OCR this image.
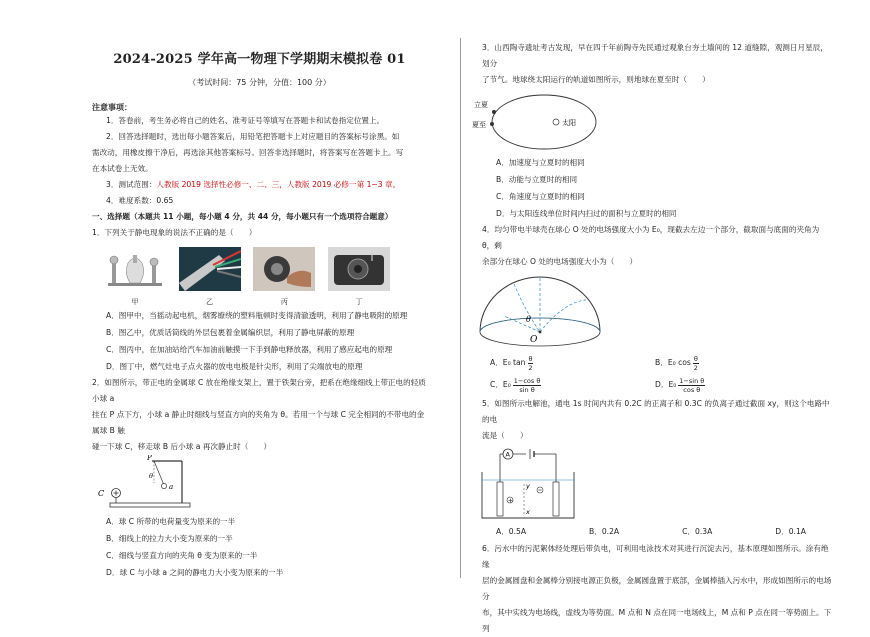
2024-2025 学年高一物理下学期期末模拟卷 01
（考试时间：75 分钟，分值：100 分）
注意事项：

1．答卷前，考生务必将自己的姓名、准考证号等填写在答题卡和试卷指定位置上。

2．回答选择题时，选出每小题答案后，用铅笔把答题卡上对应题目的答案标号涂黑。如

需改动，用橡皮擦干净后，再选涂其他答案标号。回答非选择题时，将答案写在答题卡上。写

在本试卷上无效。

3．测试范围：人教版 2019 选择性必修一、二、三，人教版 2019 必修一第 1~3 章。

4．难度系数：0.65

一、选择题（本题共 11 小题，每小题 4 分，共 44 分，每小题只有一个选项符合题意）

1．下列关于静电现象的说法不正确的是（　　）

甲	乙	丙	丁

A．图甲中，当摇动起电机，烟雾缭绕的塑料瓶顿时变得清澈透明，利用了静电吸附的原理

B．图乙中，优质话筒线的外层包裹着金属编织层，利用了静电屏蔽的原理

C．图丙中，在加油站给汽车加油前触摸一下手到静电释放器，利用了感应起电的原理

D．图丁中，燃气灶电子点火器的放电电极是针尖形，利用了尖端放电的原理

2．如图所示，带正电的金属球 C 放在绝缘支架上，置于铁架台旁，把系在绝缘细线上带正电的轻质小球 a

挂在 P 点下方，小球 a 静止时细线与竖直方向的夹角为 θ。若用一个与球 C 完全相同的不带电的金属球 B 触

碰一下球 C，移走球 B 后小球 a 再次静止时（　　）

C
P
θ
a

A．球 C 所带的电荷量变为原来的一半

B．细线上的拉力大小变为原来的一半

C．细线与竖直方向的夹角 θ 变为原来的一半

D．球 C 与小球 a 之间的静电力大小变为原来的一半

3．山西陶寺遗址考古发现，早在四千年前陶寺先民通过观象台夯土墙间的 12 道缝隙，观测日月星辰，划分

了节气。地球绕太阳运行的轨道如图所示，则地球在夏至时（　　）

立夏
夏至	太阳

A．加速度与立夏时的相同

B．动能与立夏时的相同

C．角速度与立夏时的相同

D．与太阳连线单位时间内扫过的面积与立夏时的相同

4．均匀带电半球壳在球心 O 处的电场强度大小为 E₀，现截去左边一个部分，截取面与底面的夹角为 θ，剩

余部分在球心 O 处的电场强度大小为（　　）

θ
O
A． E₀ $\tan \frac{\theta}{2}$	B． E₀ $\cos \frac{\theta}{2}$
C． $E_0 \frac{\text{1−cos θ}}{\text{sin θ}}$	D． $E_0 \frac{\text{1−sin θ}}{\text{cos θ}}$

5．如图所示电解池，通电 1s 时间内共有 0.2C 的正离子和 0.3C 的负离子通过截面 xy，则这个电路中的电

流是（　　）

A
+
y
x
A．0.5A	B．0.2A	C．0.3A	D．0.1A

6．污水中的污泥絮体经处理后带负电，可利用电泳技术对其进行沉淀去污，基本原理如图所示。涂有绝缘

层的金属圆盘和金属棒分别接电源正负极，金属圆盘置于底部，金属棒插入污水中，形成如图所示的电场分

布，其中实线为电场线，虚线为等势面。M 点和 N 点在同一电场线上，M 点和 P 点在同一等势面上。下列
